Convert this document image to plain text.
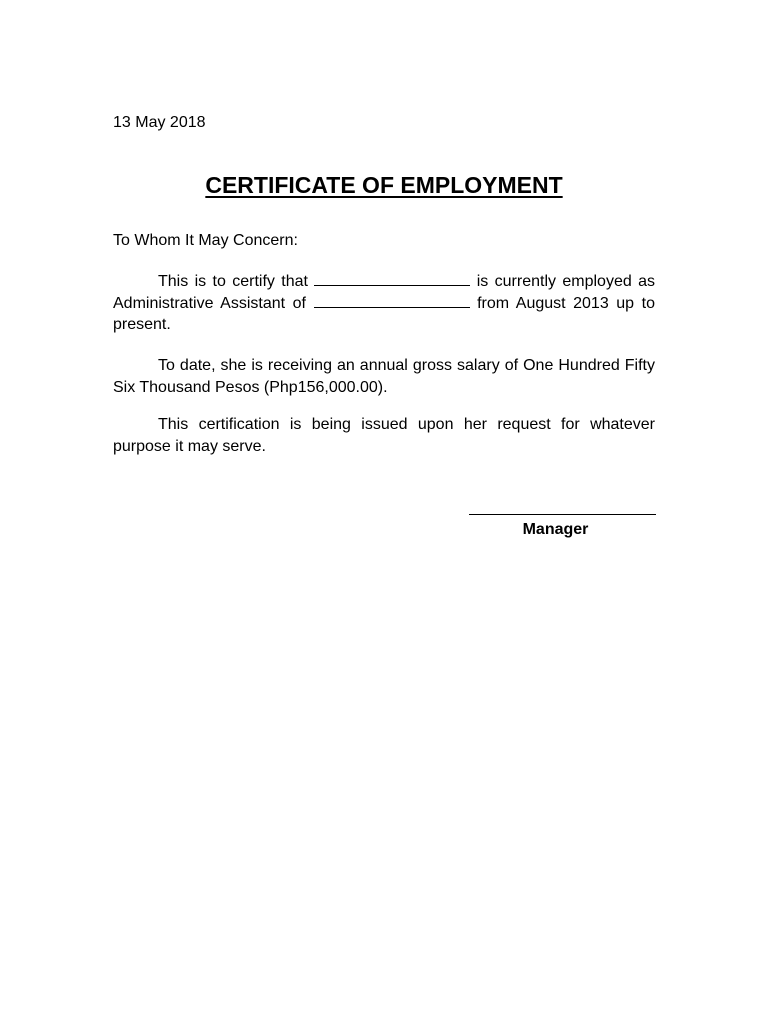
13 May 2018
CERTIFICATE OF EMPLOYMENT
To Whom It May Concern:

This is to certify that	is currently employed as Administrative Assistant of	from August 2013 up to present.

To date, she is receiving an annual gross salary of One Hundred Fifty Six Thousand Pesos (Php156,000.00).

This certification is being issued upon her request for whatever purpose it may serve.

Manager
